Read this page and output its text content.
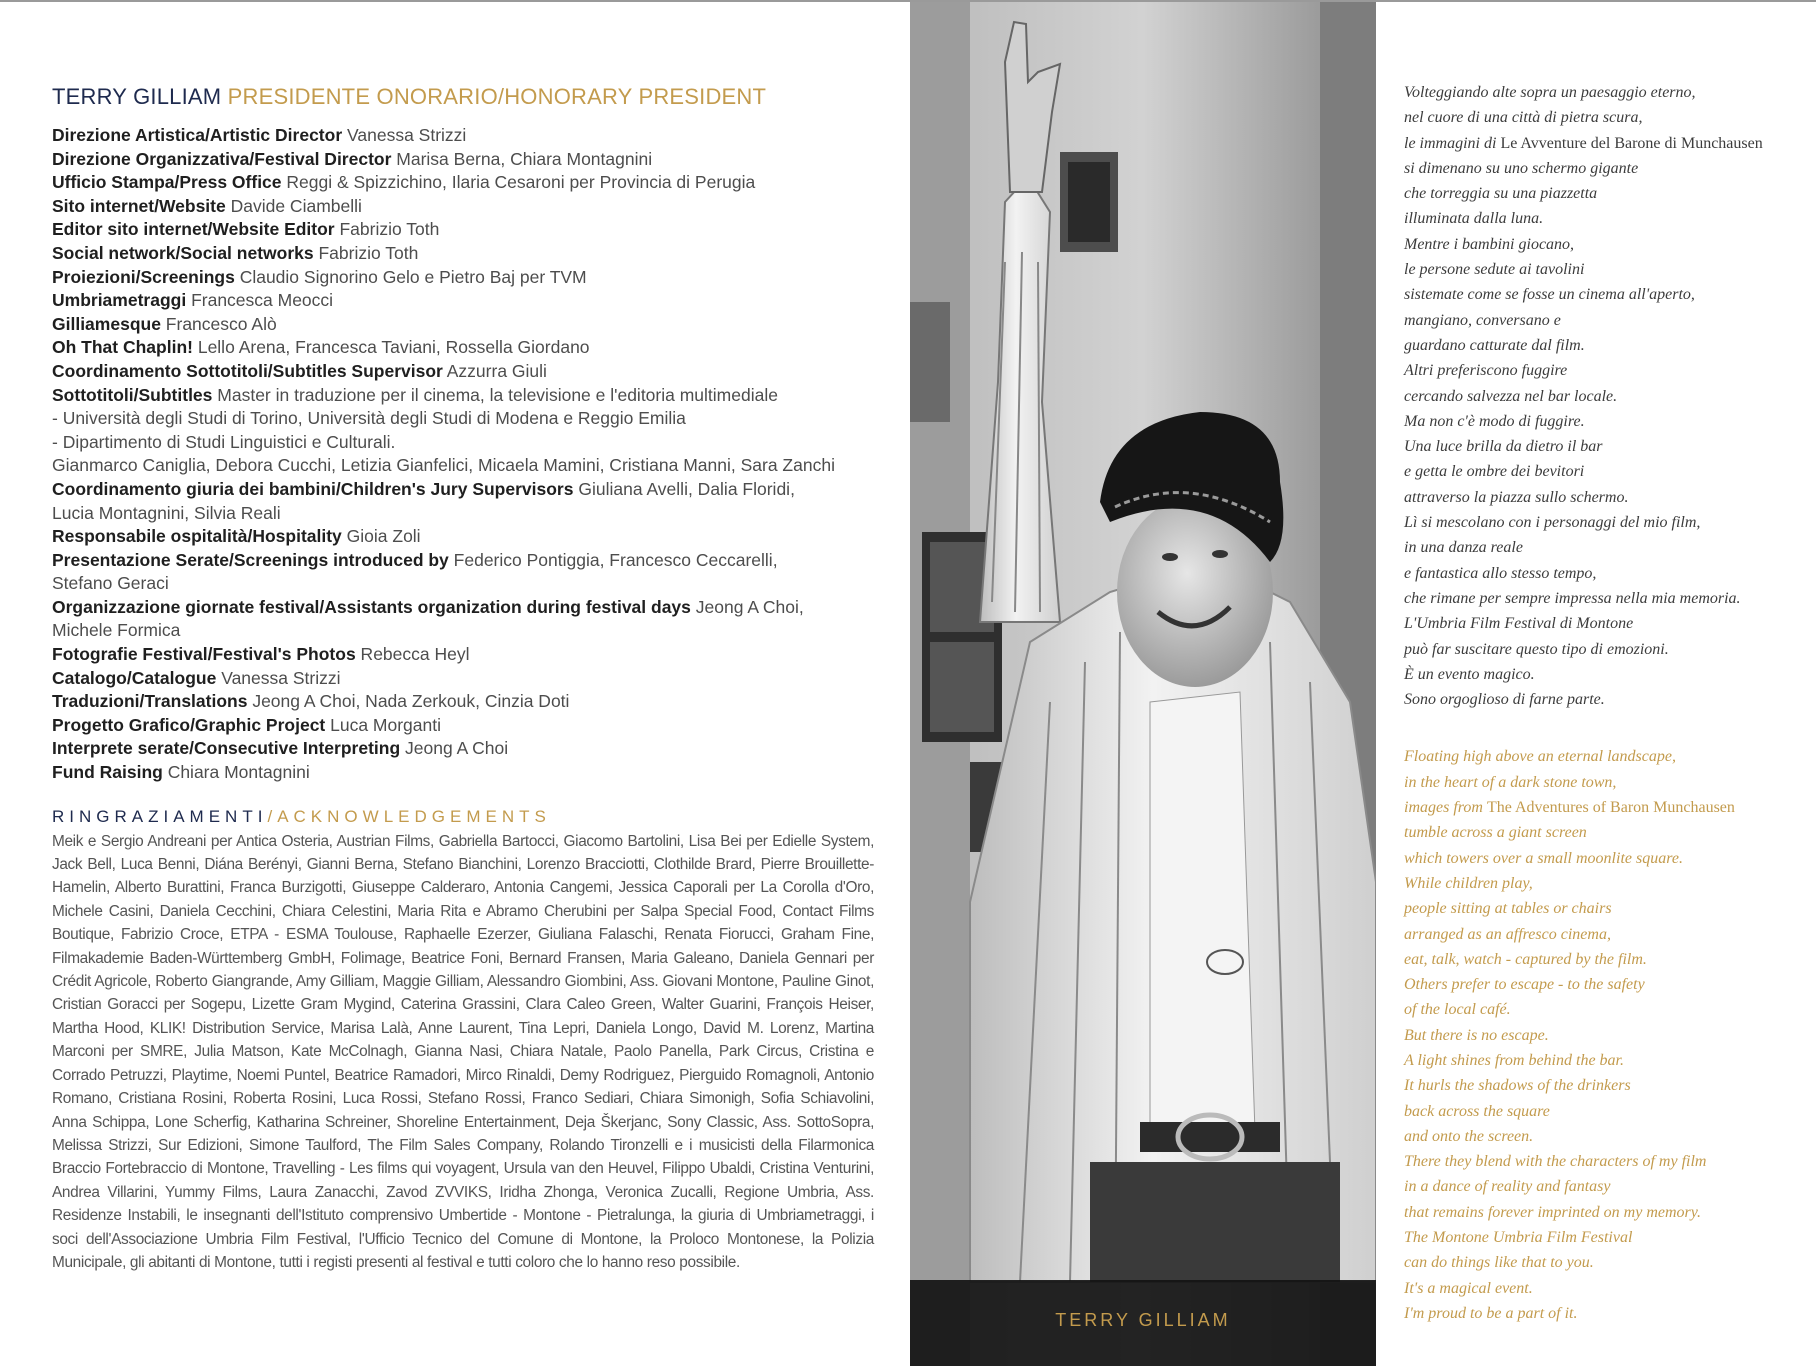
TERRY GILLIAM PRESIDENTE ONORARIO/HONORARY PRESIDENT
Direzione Artistica/Artistic Director Vanessa Strizzi
Direzione Organizzativa/Festival Director Marisa Berna, Chiara Montagnini
Ufficio Stampa/Press Office Reggi & Spizzichino, Ilaria Cesaroni per Provincia di Perugia
Sito internet/Website Davide Ciambelli
Editor sito internet/Website Editor Fabrizio Toth
Social network/Social networks Fabrizio Toth
Proiezioni/Screenings Claudio Signorino Gelo e Pietro Baj per TVM
Umbriametraggi Francesca Meocci
Gilliamesque Francesco Alò
Oh That Chaplin! Lello Arena, Francesca Taviani, Rossella Giordano
Coordinamento Sottotitoli/Subtitles Supervisor Azzurra Giuli
Sottotitoli/Subtitles Master in traduzione per il cinema, la televisione e l'editoria multimediale
- Università degli Studi di Torino, Università degli Studi di Modena e Reggio Emilia
- Dipartimento di Studi Linguistici e Culturali.
Gianmarco Caniglia, Debora Cucchi, Letizia Gianfelici, Micaela Mamini, Cristiana Manni, Sara Zanchi
Coordinamento giuria dei bambini/Children's Jury Supervisors Giuliana Avelli, Dalia Floridi,
Lucia Montagnini, Silvia Reali
Responsabile ospitalità/Hospitality Gioia Zoli
Presentazione Serate/Screenings introduced by Federico Pontiggia, Francesco Ceccarelli,
Stefano Geraci
Organizzazione giornate festival/Assistants organization during festival days Jeong A Choi,
Michele Formica
Fotografie Festival/Festival's Photos Rebecca Heyl
Catalogo/Catalogue Vanessa Strizzi
Traduzioni/Translations Jeong A Choi, Nada Zerkouk, Cinzia Doti
Progetto Grafico/Graphic Project Luca Morganti
Interprete serate/Consecutive Interpreting Jeong A Choi
Fund Raising Chiara Montagnini
RINGRAZIAMENTI/ACKNOWLEDGEMENTS
Meik e Sergio Andreani per Antica Osteria, Austrian Films, Gabriella Bartocci, Giacomo Bartolini, Lisa Bei per Edielle System, Jack Bell, Luca Benni, Diána Berényi, Gianni Berna, Stefano Bianchini, Lorenzo Bracciotti, Clothilde Brard, Pierre Brouillette-Hamelin, Alberto Burattini, Franca Burzigotti, Giuseppe Calderaro, Antonia Cangemi, Jessica Caporali per La Corolla d'Oro, Michele Casini, Daniela Cecchini, Chiara Celestini, Maria Rita e Abramo Cherubini per Salpa Special Food, Contact Films Boutique, Fabrizio Croce, ETPA - ESMA Toulouse, Raphaelle Ezerzer, Giuliana Falaschi, Renata Fiorucci, Graham Fine, Filmakademie Baden-Württemberg GmbH, Folimage, Beatrice Foni, Bernard Fransen, Maria Galeano, Daniela Gennari per Crédit Agricole, Roberto Giangrande, Amy Gilliam, Maggie Gilliam, Alessandro Giombini, Ass. Giovani Montone, Pauline Ginot, Cristian Goracci per Sogepu, Lizette Gram Mygind, Caterina Grassini, Clara Caleo Green, Walter Guarini, François Heiser, Martha Hood, KLIK! Distribution Service, Marisa Lalà, Anne Laurent, Tina Lepri, Daniela Longo, David M. Lorenz, Martina Marconi per SMRE, Julia Matson, Kate McColnagh, Gianna Nasi, Chiara Natale, Paolo Panella, Park Circus, Cristina e Corrado Petruzzi, Playtime, Noemi Puntel, Beatrice Ramadori, Mirco Rinaldi, Demy Rodriguez, Pierguido Romagnoli, Antonio Romano, Cristiana Rosini, Roberta Rosini, Luca Rossi, Stefano Rossi, Franco Sediari, Chiara Simonigh, Sofia Schiavolini, Anna Schippa, Lone Scherfig, Katharina Schreiner, Shoreline Entertainment, Deja Škerjanc, Sony Classic, Ass. SottoSopra, Melissa Strizzi, Sur Edizioni, Simone Taulford, The Film Sales Company, Rolando Tironzelli e i musicisti della Filarmonica Braccio Fortebraccio di Montone, Travelling - Les films qui voyagent, Ursula van den Heuvel, Filippo Ubaldi, Cristina Venturini, Andrea Villarini, Yummy Films, Laura Zanacchi, Zavod ZVVIKS, Iridha Zhonga, Veronica Zucalli, Regione Umbria, Ass. Residenze Instabili, le insegnanti dell'Istituto comprensivo Umbertide - Montone - Pietralunga, la giuria di Umbriametraggi, i soci dell'Associazione Umbria Film Festival, l'Ufficio Tecnico del Comune di Montone, la Proloco Montonese, la Polizia Municipale, gli abitanti di Montone, tutti i registi presenti al festival e tutti coloro che lo hanno reso possibile.
TERRY GILLIAM
Volteggiando alte sopra un paesaggio eterno,
nel cuore di una città di pietra scura,
le immagini di Le Avventure del Barone di Munchausen
si dimenano su uno schermo gigante
che torreggia su una piazzetta
illuminata dalla luna.
Mentre i bambini giocano,
le persone sedute ai tavolini
sistemate come se fosse un cinema all'aperto,
mangiano, conversano e
guardano catturate dal film.
Altri preferiscono fuggire
cercando salvezza nel bar locale.
Ma non c'è modo di fuggire.
Una luce brilla da dietro il bar
e getta le ombre dei bevitori
attraverso la piazza sullo schermo.
Lì si mescolano con i personaggi del mio film,
in una danza reale
e fantastica allo stesso tempo,
che rimane per sempre impressa nella mia memoria.
L'Umbria Film Festival di Montone
può far suscitare questo tipo di emozioni.
È un evento magico.
Sono orgoglioso di farne parte.
Floating high above an eternal landscape,
in the heart of a dark stone town,
images from The Adventures of Baron Munchausen
tumble across a giant screen
which towers over a small moonlite square.
While children play,
people sitting at tables or chairs
arranged as an affresco cinema,
eat, talk, watch - captured by the film.
Others prefer to escape - to the safety
of the local café.
But there is no escape.
A light shines from behind the bar.
It hurls the shadows of the drinkers
back across the square
and onto the screen.
There they blend with the characters of my film
in a dance of reality and fantasy
that remains forever imprinted on my memory.
The Montone Umbria Film Festival
can do things like that to you.
It's a magical event.
I'm proud to be a part of it.
